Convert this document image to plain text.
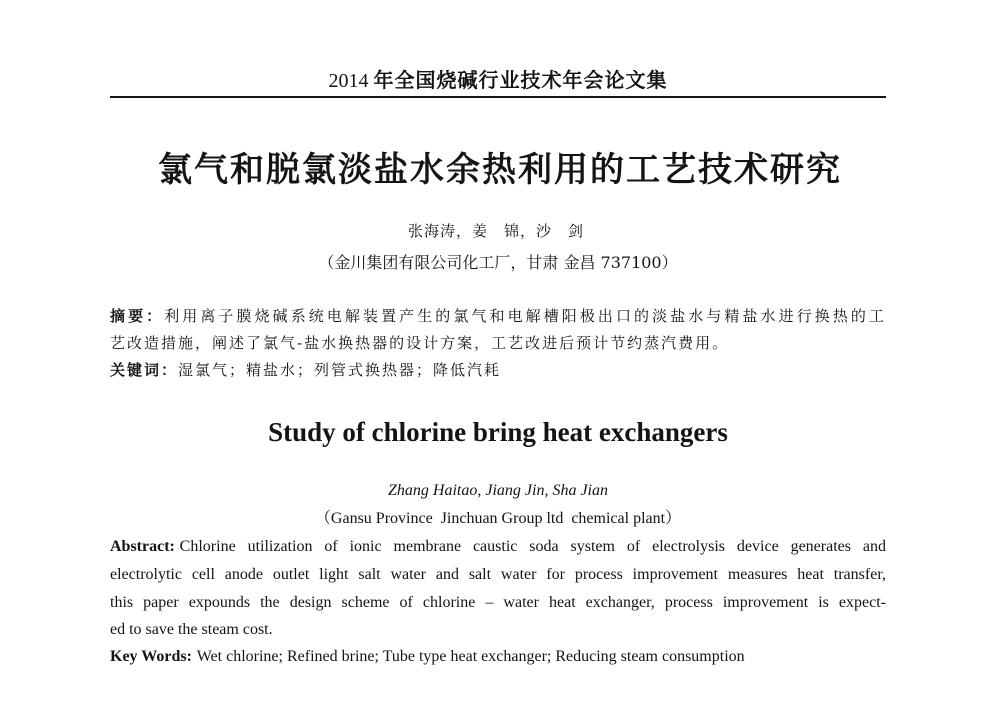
2014 年全国烧碱行业技术年会论文集
氯气和脱氯淡盐水余热利用的工艺技术研究
张海涛，姜　锦，沙　剑
（金川集团有限公司化工厂，甘肃 金昌 737100）
摘要：利用离子膜烧碱系统电解装置产生的氯气和电解槽阳极出口的淡盐水与精盐水进行换热的工
艺改造措施，阐述了氯气-盐水换热器的设计方案，工艺改进后预计节约蒸汽费用。
关键词：湿氯气；精盐水；列管式换热器；降低汽耗
Study of chlorine bring heat exchangers
Zhang Haitao, Jiang Jin, Sha Jian
（Gansu Province  Jinchuan Group ltd  chemical plant）
Abstract: Chlorine utilization of ionic membrane caustic soda system of electrolysis device generates and
electrolytic cell anode outlet light salt water and salt water for process improvement measures heat transfer,
this paper expounds the design scheme of chlorine – water heat exchanger, process improvement is expect-
ed to save the steam cost.
Key Words: Wet chlorine; Refined brine; Tube type heat exchanger; Reducing steam consumption
